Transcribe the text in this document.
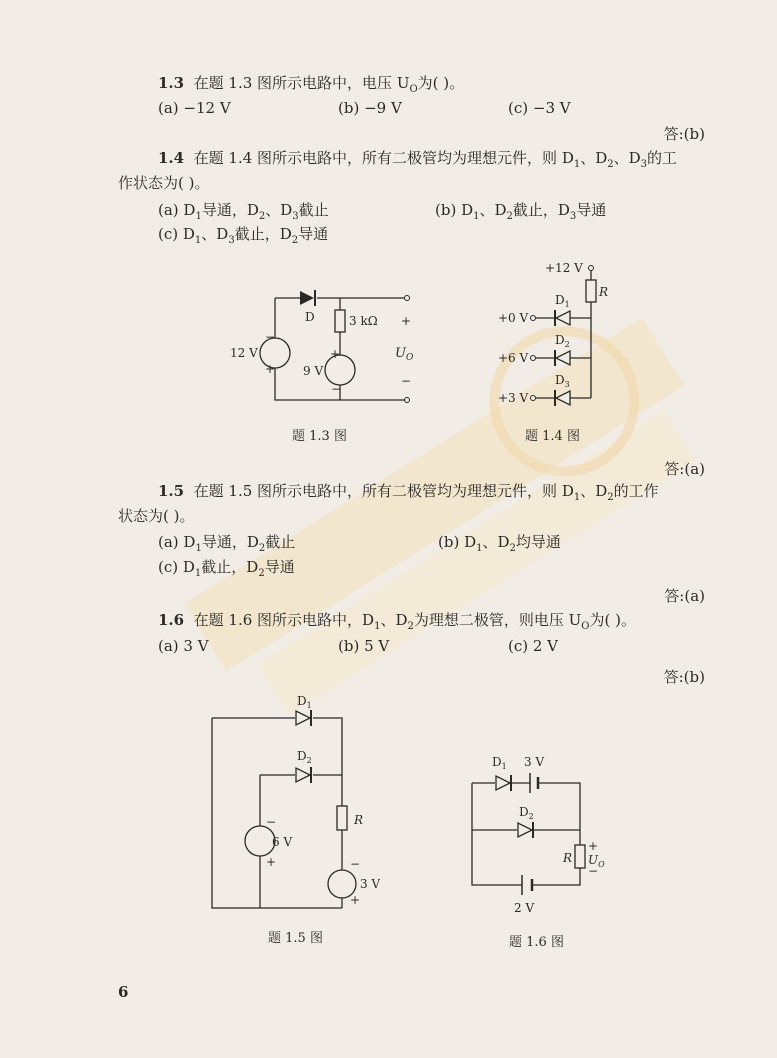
1.3 在题 1.3 图所示电路中，电压 $U_O$为( )。
(a) −12 V	(b) −9 V	(c) −3 V
答:(b)
1.4 在题 1.4 图所示电路中，所有二极管均为理想元件，则 $D_1$、$D_2$、$D_3$的工
作状态为( )。
(a) $D_1$导通，$D_2$、$D_3$截止	(b) $D_1$、$D_2$截止，$D_3$导通
(c) $D_1$、$D_3$截止，$D_2$导通
D	3 kΩ
12 V
9 V
−
+
+
−
+
−
$U_O$
题 1.3 图
+12 V
R
+0 V
+6 V
+3 V
$D_1$
$D_2$
$D_3$
题 1.4 图
答:(a)
1.5 在题 1.5 图所示电路中，所有二极管均为理想元件，则 $D_1$、$D_2$的工作
状态为( )。
(a) $D_1$导通，$D_2$截止	(b) $D_1$、$D_2$均导通
(c) $D_1$截止，$D_2$导通
答:(a)
1.6 在题 1.6 图所示电路中，$D_1$、$D_2$为理想二极管，则电压 $U_O$为( )。
(a) 3 V	(b) 5 V	(c) 2 V
答:(b)
$D_1$
$D_2$
6 V
3 V
R
−
+	−
+
题 1.5 图
$D_1$ 3 V
$D_2$
2 V
R
+
−
$U_O$
题 1.6 图
6
